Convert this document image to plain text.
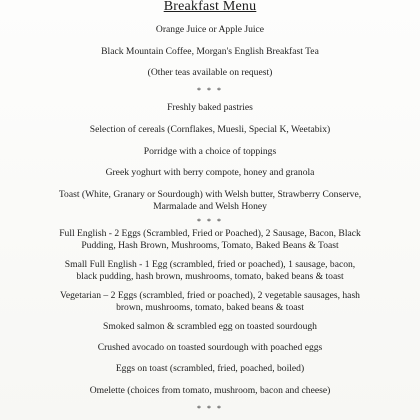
Breakfast Menu
Orange Juice or Apple Juice
Black Mountain Coffee, Morgan's English Breakfast Tea
(Other teas available on request)
* * *
Freshly baked pastries
Selection of cereals (Cornflakes, Muesli, Special K, Weetabix)
Porridge with a choice of toppings
Greek yoghurt with berry compote, honey and granola
Toast (White, Granary or Sourdough) with Welsh butter, Strawberry Conserve,
Marmalade and Welsh Honey
* * *
Full English - 2 Eggs (Scrambled, Fried or Poached), 2 Sausage, Bacon, Black
Pudding, Hash Brown, Mushrooms, Tomato, Baked Beans & Toast
Small Full English - 1 Egg (scrambled, fried or poached), 1 sausage, bacon,
black pudding, hash brown, mushrooms, tomato, baked beans & toast
Vegetarian – 2 Eggs (scrambled, fried or poached), 2 vegetable sausages, hash
brown, mushrooms, tomato, baked beans & toast
Smoked salmon & scrambled egg on toasted sourdough
Crushed avocado on toasted sourdough with poached eggs
Eggs on toast (scrambled, fried, poached, boiled)
Omelette (choices from tomato, mushroom, bacon and cheese)
* * *
